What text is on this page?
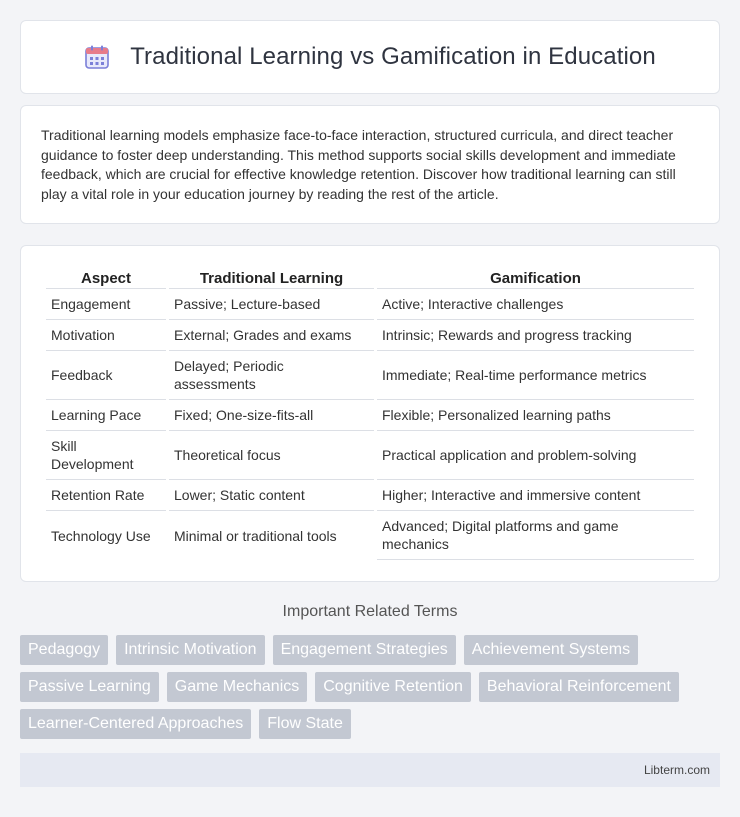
Traditional Learning vs Gamification in Education

Traditional learning models emphasize face-to-face interaction, structured curricula, and direct teacher guidance to foster deep understanding. This method supports social skills development and immediate feedback, which are crucial for effective knowledge retention. Discover how traditional learning can still play a vital role in your education journey by reading the rest of the article.

Aspect	Traditional Learning	Gamification
Engagement	Passive; Lecture-based	Active; Interactive challenges
Motivation	External; Grades and exams	Intrinsic; Rewards and progress tracking
Feedback	Delayed; Periodic assessments	Immediate; Real-time performance metrics
Learning Pace	Fixed; One-size-fits-all	Flexible; Personalized learning paths
Skill Development	Theoretical focus	Practical application and problem-solving
Retention Rate	Lower; Static content	Higher; Interactive and immersive content
Technology Use	Minimal or traditional tools	Advanced; Digital platforms and game mechanics
Important Related Terms
Pedagogy	Intrinsic Motivation	Engagement Strategies	Achievement Systems
Passive Learning	Game Mechanics	Cognitive Retention	Behavioral Reinforcement
Learner-Centered Approaches	Flow State
Libterm.com
